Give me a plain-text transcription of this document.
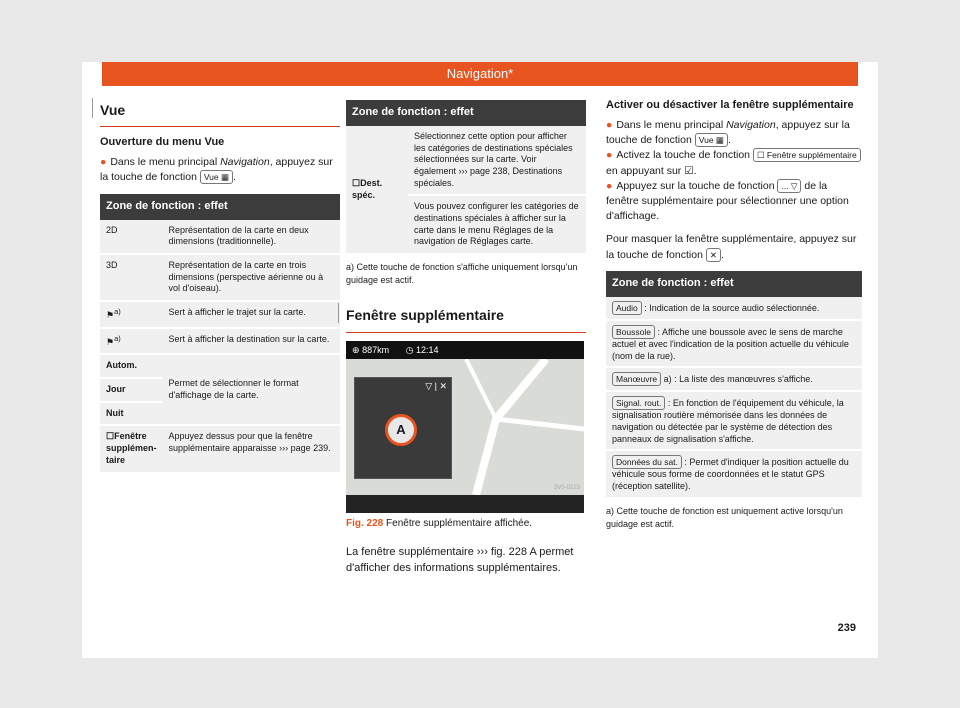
Navigation*
Vue
Ouverture du menu Vue
● Dans le menu principal Navigation, appuyez sur la touche de fonction Vue ▦ .
Zone de fonction : effet	
2D	Représentation de la carte en deux dimensions (traditionnelle).
3D	Représentation de la carte en trois dimensions (perspective aérienne ou à vol d'oiseau).
⚑$^{a)}$	Sert à afficher le trajet sur la carte.
⚑$^{a)}$	Sert à afficher la destination sur la carte.
Autom.	Permet de sélectionner le format d'affichage de la carte.
Jour	
Nuit	
☐Fenêtre supplémentaire	Appuyez dessus pour que la fenêtre supplémentaire apparaisse ››› page 239.
Zone de fonction : effet
☐Dest. spéc.	Sélectionnez cette option pour afficher les catégories de destinations spéciales sélectionnées sur la carte. Voir également ››› page 238, Destinations spéciales.
Vous pouvez configurer les catégories de destinations spéciales à afficher sur la carte dans le menu Réglages de la navigation de Réglages carte.
a) Cette touche de fonction s'affiche uniquement lorsqu'un guidage est actif.
Fenêtre supplémentaire
⊕ 887km ◷ 12:14
▽ | ✕
A
3V0-0223
Fig. 228 Fenêtre supplémentaire affichée.
La fenêtre supplémentaire ››› fig. 228 A permet d'afficher des informations supplémentaires.
Activer ou désactiver la fenêtre supplémentaire
● Dans le menu principal Navigation, appuyez sur la touche de fonction Vue ▦ .
● Activez la touche de fonction ☐ Fenêtre supplémentaire en appuyant sur ☑.
● Appuyez sur la touche de fonction ... ▽ de la fenêtre supplémentaire pour sélectionner une option d'affichage.
Pour masquer la fenêtre supplémentaire, appuyez sur la touche de fonction ✕ .
Zone de fonction : effet
Audio : Indication de la source audio sélectionnée.
Boussole : Affiche une boussole avec le sens de marche actuel et avec l'indication de la position actuelle du véhicule (nom de la rue).
Manœuvre a) : La liste des manœuvres s'affiche.
Signal. rout. : En fonction de l'équipement du véhicule, la signalisation routière mémorisée dans les données de navigation ou détectée par le système de détection des panneaux de signalisation s'affiche.
Données du sat. : Permet d'indiquer la position actuelle du véhicule sous forme de coordonnées et le statut GPS (réception satellite).
a) Cette touche de fonction est uniquement active lorsqu'un guidage est actif.
239
